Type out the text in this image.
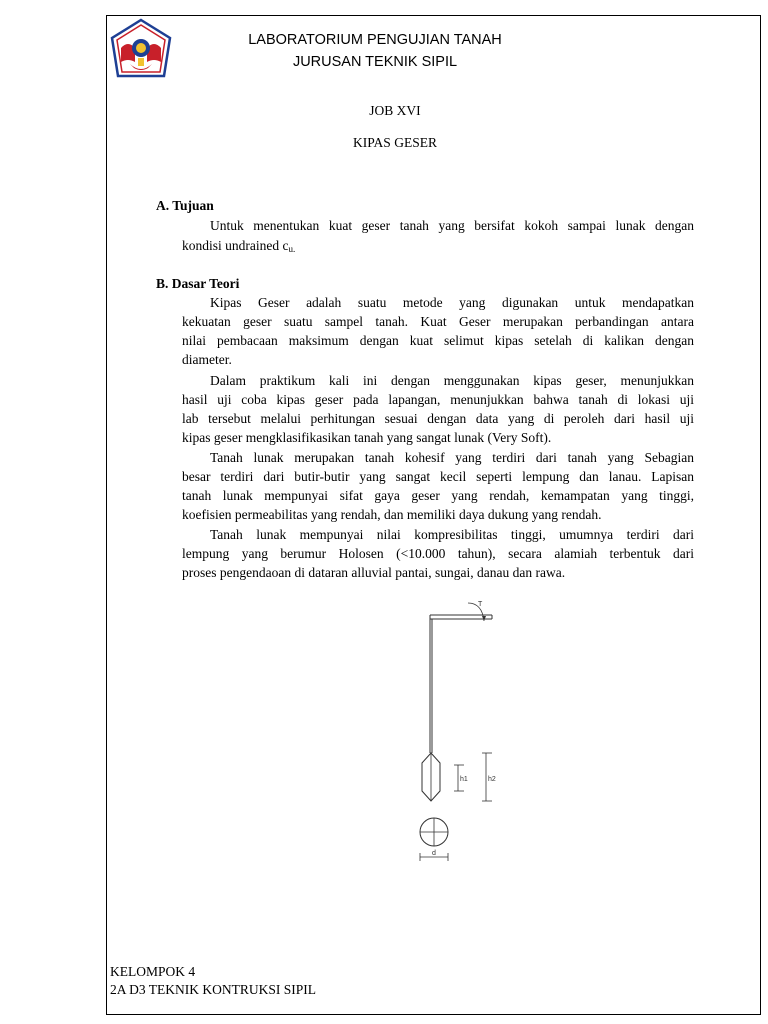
LABORATORIUM PENGUJIAN TANAH
JURUSAN TEKNIK SIPIL
JOB XVI
KIPAS GESER
A. Tujuan
Untuk menentukan kuat geser tanah yang bersifat kokoh sampai lunak dengan
kondisi undrained $c_{u.}$
B. Dasar Teori
Kipas Geser adalah suatu metode yang digunakan untuk mendapatkan
kekuatan geser suatu sampel tanah. Kuat Geser merupakan perbandingan antara
nilai pembacaan maksimum dengan kuat selimut kipas setelah di kalikan dengan
diameter.
Dalam praktikum kali ini dengan menggunakan kipas geser, menunjukkan
hasil uji coba kipas geser pada lapangan, menunjukkan bahwa tanah di lokasi uji
lab tersebut melalui perhitungan sesuai dengan data yang di peroleh dari hasil uji
kipas geser mengklasifikasikan tanah yang sangat lunak (Very Soft).
Tanah lunak merupakan tanah kohesif yang terdiri dari tanah yang Sebagian
besar terdiri dari butir-butir yang sangat kecil seperti lempung dan lanau. Lapisan
tanah lunak mempunyai sifat gaya geser yang rendah, kemampatan yang tinggi,
koefisien permeabilitas yang rendah, dan memiliki daya dukung yang rendah.
Tanah lunak mempunyai nilai kompresibilitas tinggi, umumnya terdiri dari
lempung yang berumur Holosen (<10.000 tahun), secara alamiah terbentuk dari
proses pengendaoan di dataran alluvial pantai, sungai, danau dan rawa.
T
h1	h2
d
KELOMPOK 4
2A D3 TEKNIK KONTRUKSI SIPIL
